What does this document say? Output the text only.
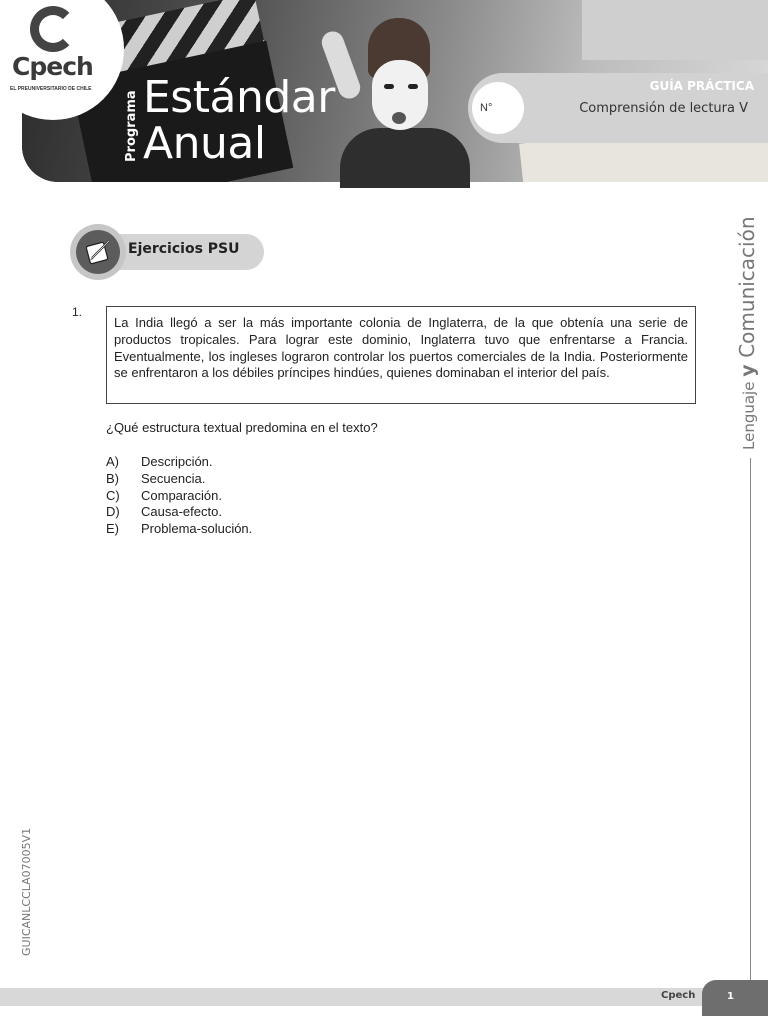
Programa Estándar
Anual
N°
GUÍA PRÁCTICA
Comprensión de lectura V
Cpech
EL PREUNIVERSITARIO DE CHILE
Ejercicios PSU
1.
La India llegó a ser la más importante colonia de Inglaterra, de la que obtenía una serie de productos tropicales. Para lograr este dominio, Inglaterra tuvo que enfrentarse a Francia. Eventualmente, los ingleses lograron controlar los puertos comerciales de la India. Posteriormente se enfrentaron a los débiles príncipes hindúes, quienes dominaban el interior del país.
¿Qué estructura textual predomina en el texto?
A) Descripción.
B) Secuencia.
C) Comparación.
D) Causa-efecto.
E) Problema-solución.
Lenguaje y Comunicación
GUICANLCCLA07005V1
Cpech	1
